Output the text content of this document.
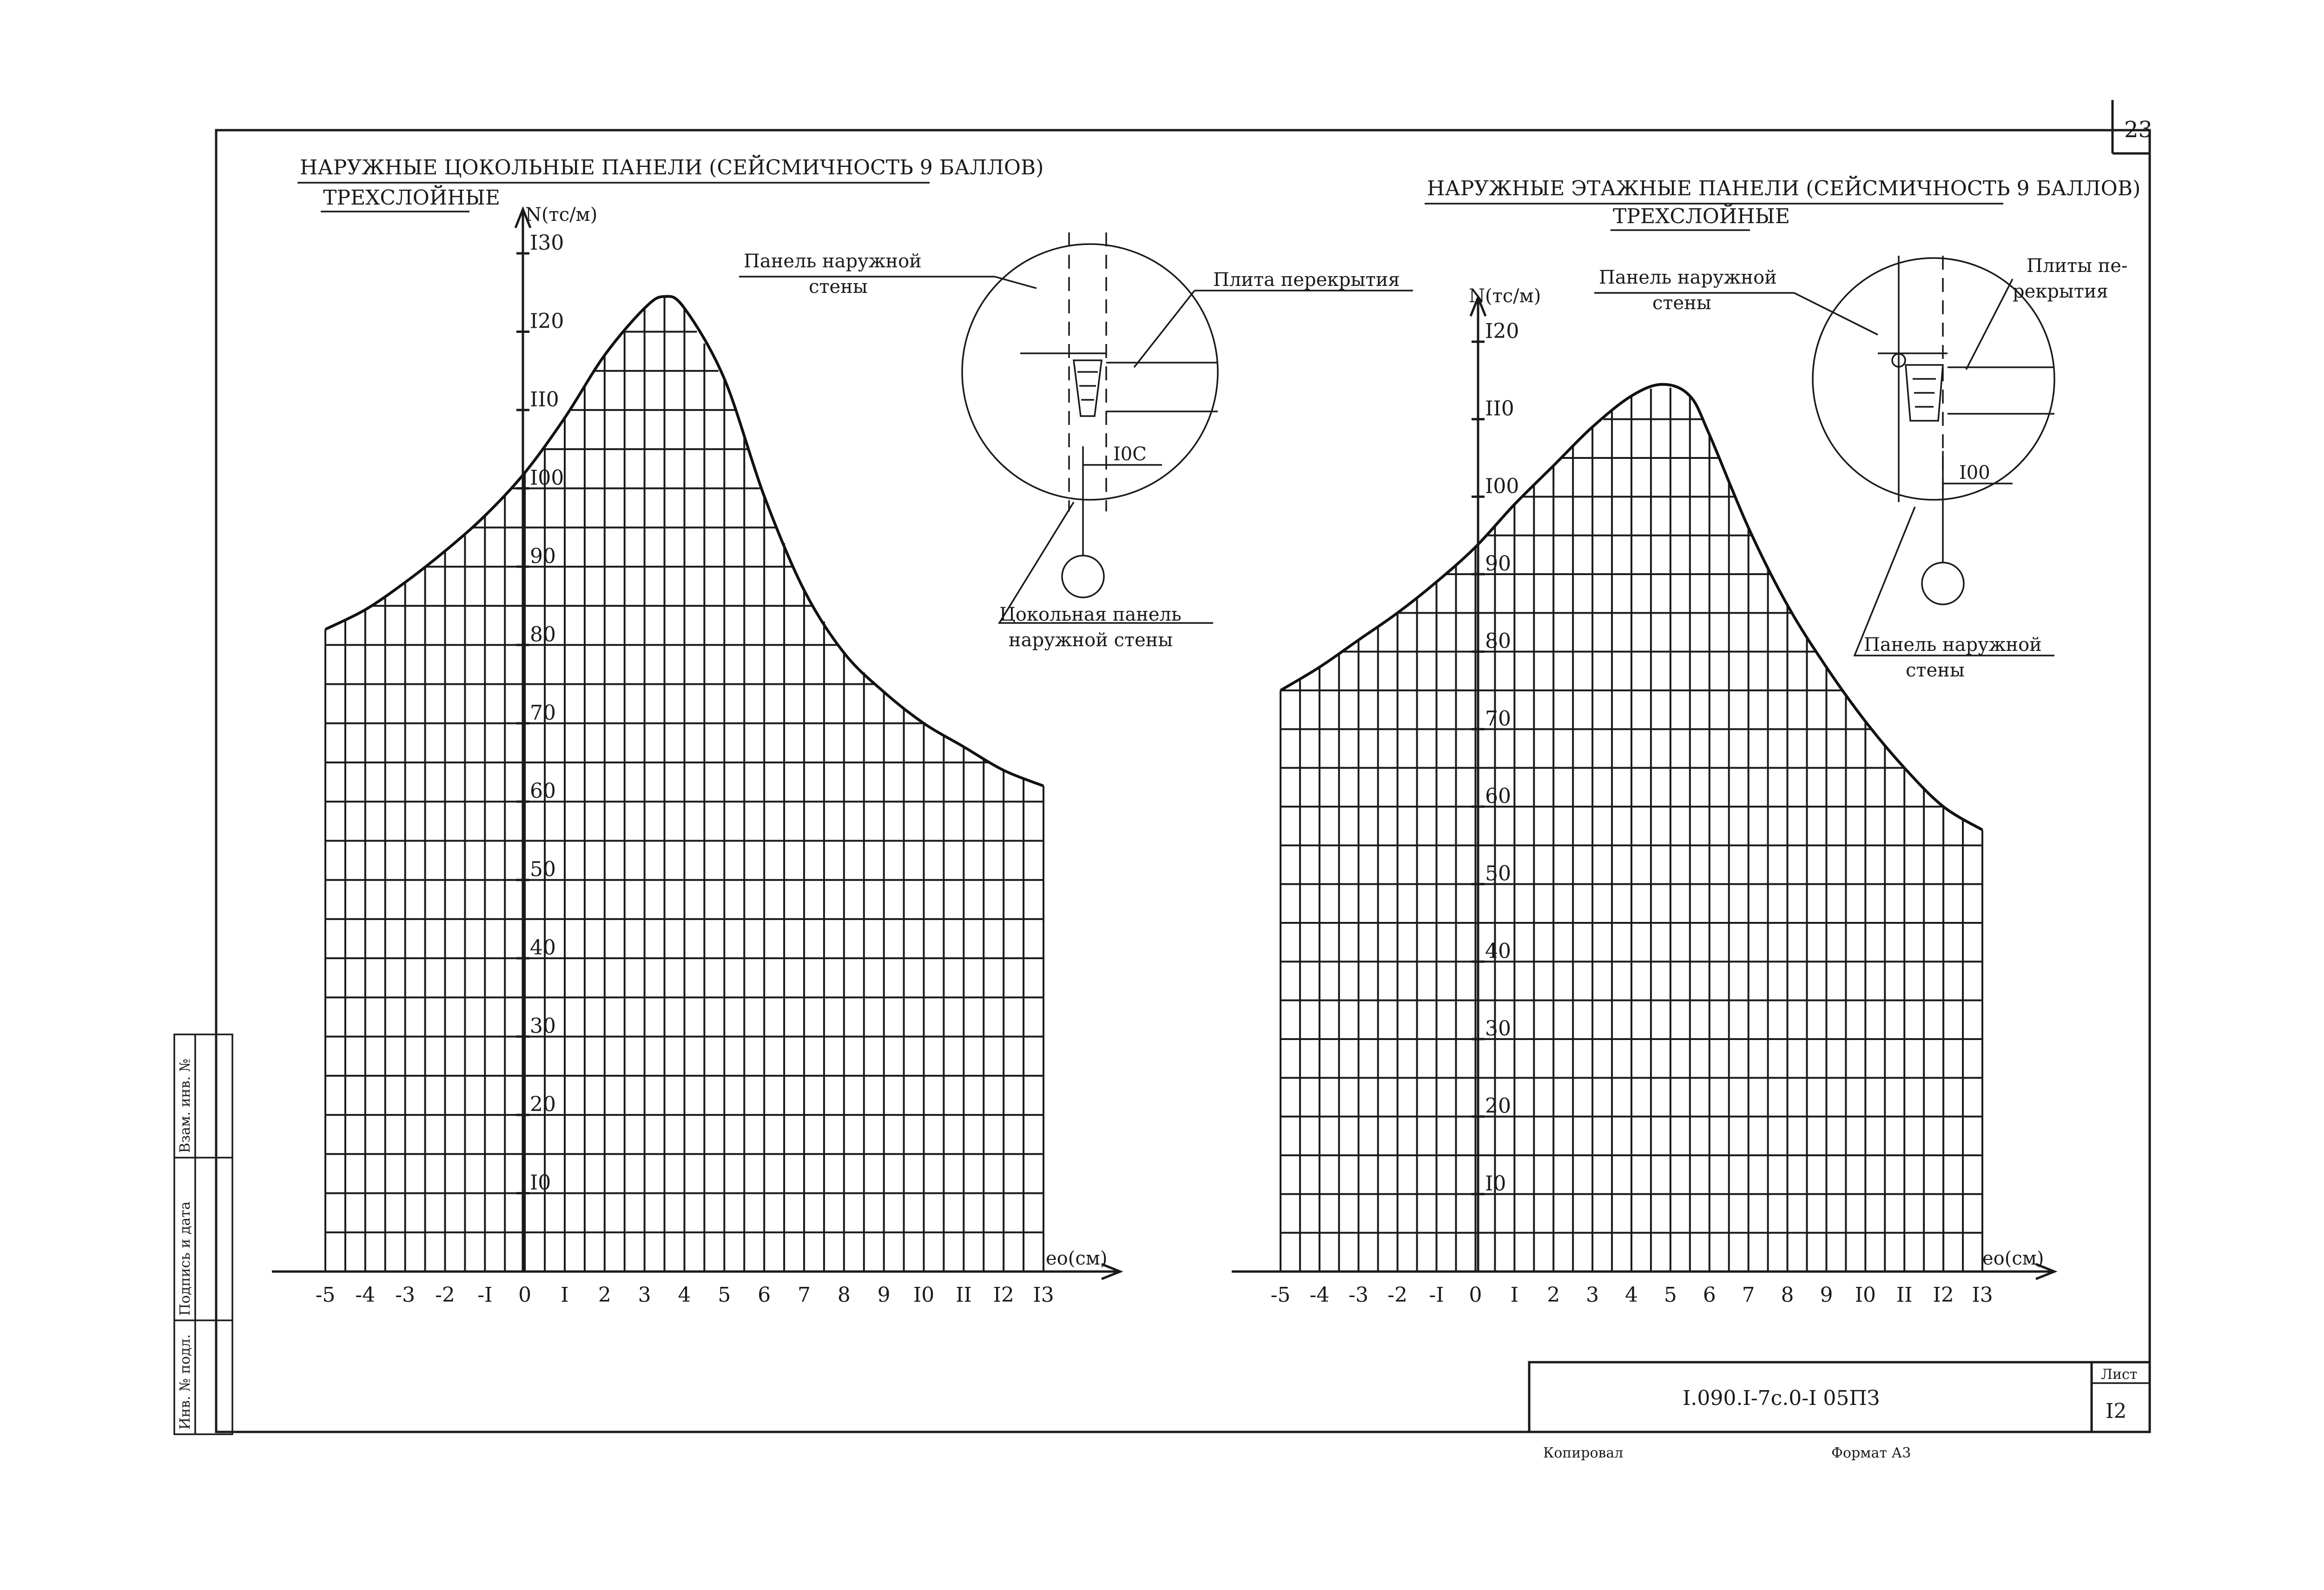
23
Инв. № подл.
Подпись и дата
Взам. инв. №
I.090.I-7c.0-I 05ПЗ
Лист
I2
Копировал	Формат А3
НАРУЖНЫЕ ЦОКОЛЬНЫЕ ПАНЕЛИ (СЕЙСМИЧНОСТЬ 9 БАЛЛОВ)
ТРЕХСЛОЙНЫЕ
-5 -4 -3 -2 -I 0 I 2 3 4 5 6 7 8 9 I0 II I2 I3
I0
20
30
40
50
60
70
80
90
I00
II0
I20
I30
N(тс/м)
eo(см)
I0C
Панель наружной
стены	Плита перекрытия
Цокольная панель
наружной стены
НАРУЖНЫЕ ЭТАЖНЫЕ ПАНЕЛИ (СЕЙСМИЧНОСТЬ 9 БАЛЛОВ)
ТРЕХСЛОЙНЫЕ
-5 -4 -3 -2 -I 0 I 2 3 4 5 6 7 8 9 I0 II I2 I3
I0
20
30
40
50
60
70
80
90
I00
II0
I20
N(тс/м)
eo(см)
I00
Панель наружной
стены
Плиты пе-
рекрытия
Панель наружной
стены
